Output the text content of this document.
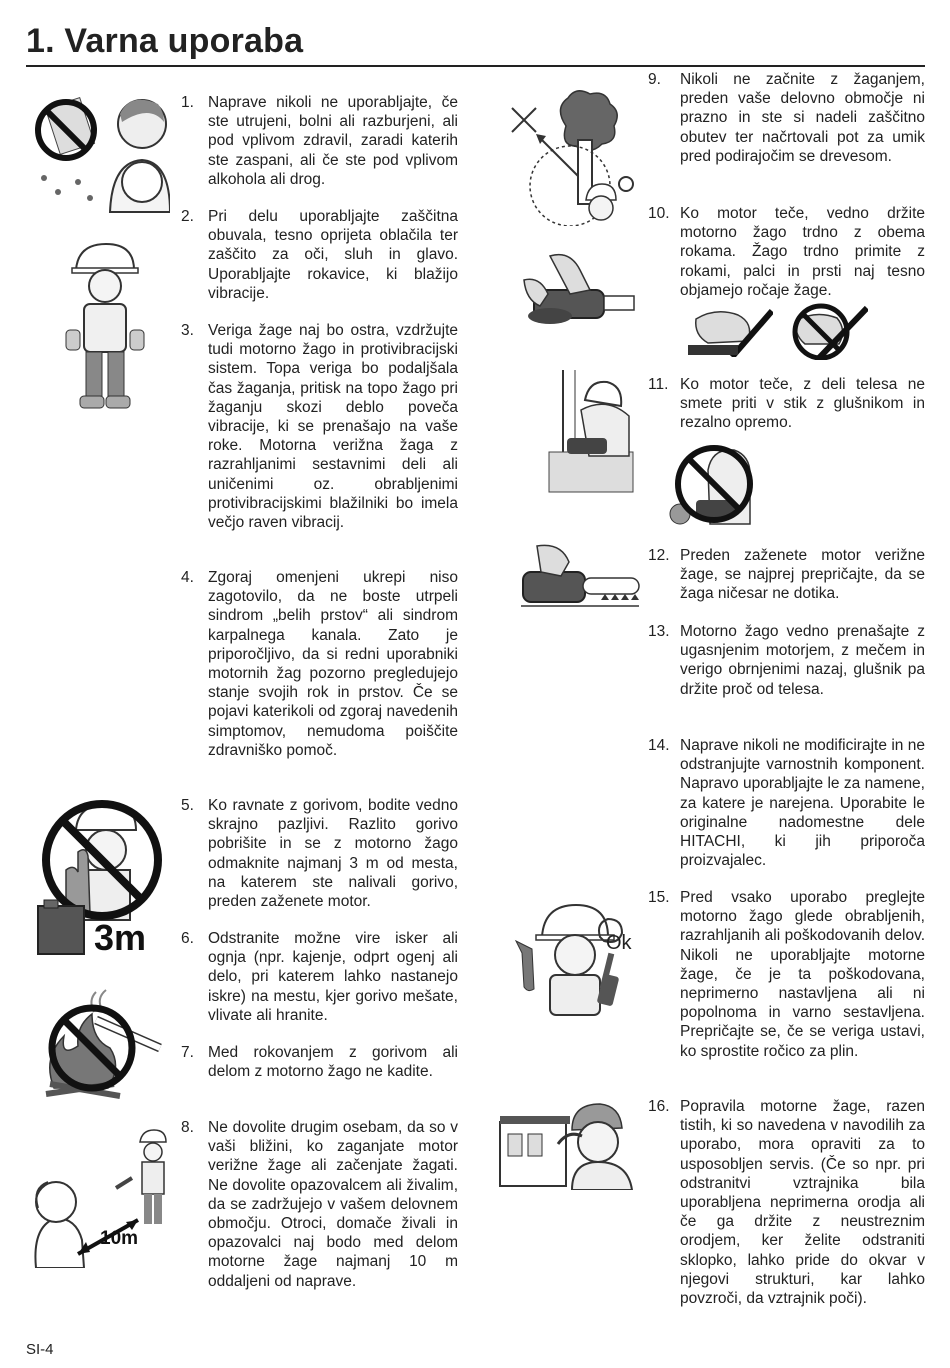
1. Varna uporaba
1. Naprave nikoli ne uporabljajte, če ste utrujeni, bolni ali razburjeni, ali pod vplivom zdravil, zaradi katerih ste zaspani, ali če ste pod vplivom alkohola ali drog.
2. Pri delu uporabljajte zaščitna obuvala, tesno oprijeta oblačila ter zaščito za oči, sluh in glavo. Uporabljajte rokavice, ki blažijo vibracije.
3. Veriga žage naj bo ostra, vzdržujte tudi motorno žago in protivibracijski sistem. Topa veriga bo podaljšala čas žaganja, pritisk na topo žago pri žaganju skozi deblo poveča vibracije, ki se prenašajo na vaše roke. Motorna verižna žaga z razrahljanimi sestavnimi deli ali uničenimi oz. obrabljenimi protivibracijskimi blažilniki bo imela večjo raven vibracij.
4. Zgoraj omenjeni ukrepi niso zagotovilo, da ne boste utrpeli sindrom „belih prstov“ ali sindrom karpalnega kanala. Zato je priporočljivo, da si redni uporabniki motornih žag pozorno pregledujejo stanje svojih rok in prstov. Če se pojavi katerikoli od zgoraj navedenih simptomov, nemudoma poiščite zdravniško pomoč.
5. Ko ravnate z gorivom, bodite vedno skrajno pazljivi. Razlito gorivo pobrišite in se z motorno žago odmaknite najmanj 3 m od mesta, na katerem ste nalivali gorivo, preden zaženete motor.
6. Odstranite možne vire isker ali ognja (npr. kajenje, odprt ogenj ali delo, pri katerem lahko nastanejo iskre) na mestu, kjer gorivo mešate, vlivate ali hranite.
7. Med rokovanjem z gorivom ali delom z motorno žago ne kadite.
8. Ne dovolite drugim osebam, da so v vaši bližini, ko zaganjate motor verižne žage ali začenjate žagati. Ne dovolite opazovalcem ali živalim, da se zadržujejo v vašem delovnem območju. Otroci, domače živali in opazovalci naj bodo med delom motorne žage najmanj 10 m oddaljeni od naprave.
9. Nikoli ne začnite z žaganjem, preden vaše delovno območje ni prazno in ste si nadeli zaščitno obutev ter načrtovali pot za umik pred podirajočim se drevesom.
10. Ko motor teče, vedno držite motorno žago trdno z obema rokama. Žago trdno primite z rokami, palci in prsti naj tesno objamejo ročaje žage.
11. Ko motor teče, z deli telesa ne smete priti v stik z glušnikom in rezalno opremo.
12. Preden zaženete motor verižne žage, se najprej prepričajte, da se žaga ničesar ne dotika.
13. Motorno žago vedno prenašajte z ugasnjenim motorjem, z mečem in verigo obrnjenimi nazaj, glušnik pa držite proč od telesa.
14. Naprave nikoli ne modificirajte in ne odstranjujte varnostnih komponent. Napravo uporabljajte le za namene, za katere je narejena. Uporabite le originalne nadomestne dele HITACHI, ki jih priporoča proizvajalec.
15. Pred vsako uporabo preglejte motorno žago glede obrabljenih, razrahljanih ali poškodovanih delov. Nikoli ne uporabljajte motorne žage, če je ta poškodovana, neprimerno nastavljena ali ni popolnoma in varno sestavljena. Prepričajte se, če se veriga ustavi, ko sprostite ročico za plin.
16. Popravila motorne žage, razen tistih, ki so navedena v navodilih za uporabo, mora opraviti za to usposobljen servis. (Če so npr. pri odstranitvi vztrajnika bila uporabljena neprimerna orodja ali če ga držite z neustreznim orodjem, ker želite odstraniti sklopko, lahko pride do okvar v njegovi strukturi, kar lahko povzroči, da vztrajnik poči).
3m
10m
Ok
SI-4
